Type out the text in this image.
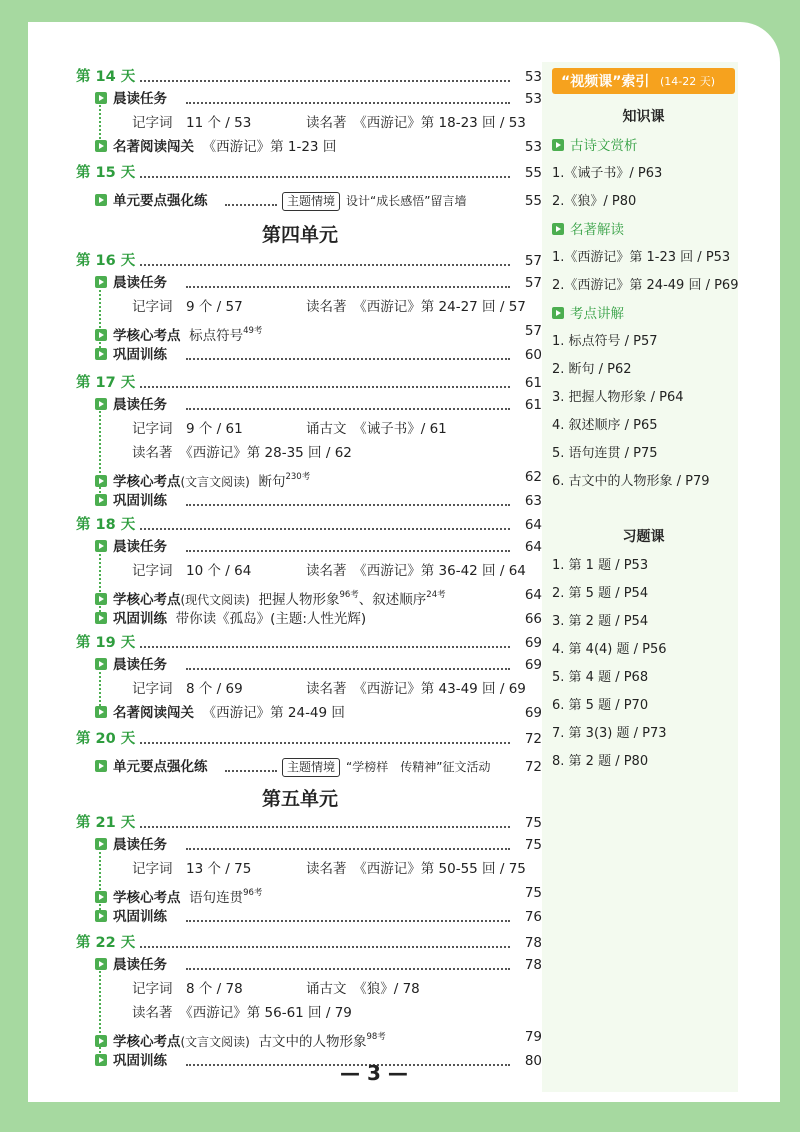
第 14 天	53
晨读任务	53
记字词　11 个 / 53	读名著　《西游记》第 18-23 回 / 53
名著阅读闯关 《西游记》第 1-23 回	53
第 15 天	55
单元要点强化练	主题情境 设计“成长感悟”留言墙	55
第四单元
第 16 天	57
晨读任务	57
记字词　9 个 / 57	读名著　《西游记》第 24-27 回 / 57
学核心考点 标点符号$^{49考}$	57
巩固训练	60
第 17 天	61
晨读任务	61
记字词　9 个 / 61	诵古文　《诫子书》/ 61
读名著　《西游记》第 28-35 回 / 62
学核心考点(文言文阅读) 断句$^{230考}$	62
巩固训练	63
第 18 天	64
晨读任务	64
记字词　10 个 / 64	读名著　《西游记》第 36-42 回 / 64
学核心考点(现代文阅读) 把握人物形象$^{96考}$、叙述顺序$^{24考}$	64
巩固训练 带你读《孤岛》(主题:人性光辉)	66
第 19 天	69
晨读任务	69
记字词　8 个 / 69	读名著　《西游记》第 43-49 回 / 69
名著阅读闯关 《西游记》第 24-49 回	69
第 20 天	72
单元要点强化练	主题情境 “学榜样　传精神”征文活动	72
第五单元
第 21 天	75
晨读任务	75
记字词　13 个 / 75	读名著　《西游记》第 50-55 回 / 75
学核心考点 语句连贯$^{96考}$	75
巩固训练	76
第 22 天	78
晨读任务	78
记字词　8 个 / 78	诵古文　《狼》/ 78
读名著　《西游记》第 56-61 回 / 79
学核心考点(文言文阅读) 古文中的人物形象$^{98考}$	79
巩固训练	80
“视频课”索引 (14-22 天)
知识课
古诗文赏析
1.《诫子书》/ P63
2.《狼》/ P80
名著解读
1.《西游记》第 1-23 回 / P53
2.《西游记》第 24-49 回 / P69
考点讲解
1. 标点符号 / P57
2. 断句 / P62
3. 把握人物形象 / P64
4. 叙述顺序 / P65
5. 语句连贯 / P75
6. 古文中的人物形象 / P79
习题课
1. 第 1 题 / P53
2. 第 5 题 / P54
3. 第 2 题 / P54
4. 第 4(4) 题 / P56
5. 第 4 题 / P68
6. 第 5 题 / P70
7. 第 3(3) 题 / P73
8. 第 2 题 / P80
— 3 —
